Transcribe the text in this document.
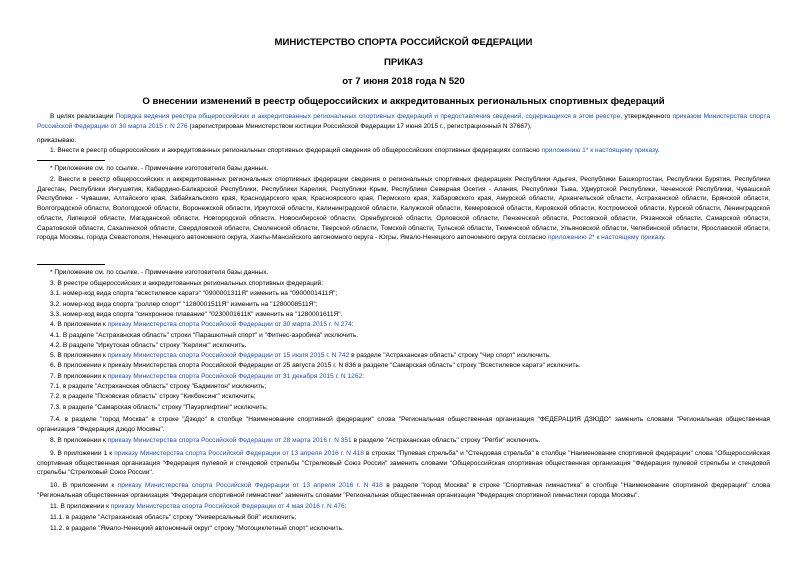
МИНИСТЕРСТВО СПОРТА РОССИЙСКОЙ ФЕДЕРАЦИИ
ПРИКАЗ
от 7 июня 2018 года N 520
О внесении изменений в реестр общероссийских и аккредитованных региональных спортивных федераций
В целях реализации Порядка ведения реестра общероссийских и аккредитованных региональных спортивных федераций и предоставления сведений, содержащихся в этом реестре, утвержденного приказом Министерства спорта Российской Федерации от 30 марта 2015 г. N 276 (зарегистрирован Министерством юстиции Российской Федерации 17 июня 2015 г., регистрационный N 37667),
приказываю:
1. Внести в реестр общероссийских и аккредитованных региональных спортивных федераций сведения об общероссийских спортивных федерациях согласно приложению 1* к настоящему приказу.
* Приложение см. по ссылке. - Примечание изготовителя базы данных.
2. Внести в реестр общероссийских и аккредитованных региональных спортивных федерации сведения о региональных спортивных федерациях Республики Адыгея, Республики Башкортостан, Республики Бурятия, Республики Дагестан, Республики Ингушетия, Кабардино-Балкарской Республики, Республики Карелия, Республики Крым, Республики Северная Осетия - Алания, Республики Тыва, Удмуртской Республики, Чеченской Республики, Чувашской Республики - Чувашии, Алтайского края, Забайкальского края, Краснодарского края, Красноярского края, Пермского края, Хабаровского края, Амурской области, Архангельской области, Астраханской области, Брянской области, Волгоградской области, Вологодской области, Воронежской области, Иркутской области, Калининградской области, Калужской области, Кемеровской области, Кировской области, Костромской области, Курской области, Ленинградской области, Липецкой области, Магаданской области, Новгородской области, Новосибирской области, Оренбургской области, Орловской области, Пензенской области, Ростовской области, Рязанской области, Самарской области, Саратовской области, Сахалинской области, Свердловской области, Смоленской области, Тверской области, Томской области, Тульской области, Тюменской области, Ульяновской области, Челябинской области, Ярославской области, города Москвы, города Севастополя, Ненецкого автономного округа, Ханты-Мансийского автономного округа - Югры, Ямало-Ненецкого автономного округа согласно приложению 2* к настоящему приказу.
* Приложение см. по ссылке. - Примечание изготовителя базы данных.
3. В реестре общероссийских и аккредитованных региональных спортивных федераций:
3.1. номер-код вида спорта "всестилевое каратэ" "0900001311Я" изменить на "0900001411Я";
3.2. номер-код вида спорта "роллер спорт" "1280001511Я" изменить на "1280008511Я";
3.3. номер-код вида спорта "синхронное плавание" "0230001611К" изменить на "1280001611Я".
4. В приложении к приказу Министерства спорта Российской Федерации от 30 марта 2015 г. N 274:
4.1. В разделе "Астраханская область" строки "Парашютный спорт" и "Фитнес-аэробика" исключить.
4.2. В разделе "Иркутская область" строку "Керлинг" исключить.
5. В приложении к приказу Министерства спорта Российской Федерации от 15 июля 2015 г. N 742 в разделе "Астраханская область" строку "Чир спорт" исключить.
6. В приложении к приказу Министерства спорта Российской Федерации от 25 августа 2015 г. N 836 в разделе "Самарская область" строку "Всестилевое каратэ" исключить.
7. В приложении к приказу Министерства спорта Российской Федерации от 31 декабря 2015 г. N 1262:
7.1. в разделе "Астраханская область" строку "Бадминтон" исключить;
7.2. в разделе "Псковская область" строку "Кикбоксинг" исключить;
7.3. в разделе "Самарская область" строку "Пауэрлифтинг" исключить;
7.4. в разделе "город Москва" в строке "Дзюдо" в столбце "Наименование спортивной федерации" слова "Региональная общественная организация "ФЕДЕРАЦИЯ ДЗЮДО" заменить словами "Региональная общественная организация "Федерация дзюдо Москвы".
8. В приложении к приказу Министерства спорта Российской Федерации от 28 марта 2016 г. N 351 в разделе "Астраханская область" строку "Регби" исключить.
9. В приложении 1 к приказу Министерства спорта Российской Федерации от 13 апреля 2016 г. N 418 в строках "Пулевая стрельба" и "Стендовая стрельба" в столбце "Наименование спортивной федерации" слова "Общероссийская спортивная общественная организация "Федерация пулевой и стендовой стрельбы "Стрелковый Союз России" заменить словами "Общероссийская спортивная общественная организация "Федерация пулевой стрельбы и стендовой стрельбы "Стрелковый Союз России".
10. В приложении к приказу Министерства спорта Российской Федерации от 13 апреля 2016 г. N 418 в разделе "город Москва" в строке "Спортивная гимнастика" в столбце "Наименование спортивной федерации" слова "Региональная общественная организация "Федерация спортивной гимнастики" заменить словами "Региональная общественная организация "Федерация спортивной гимнастики города Москвы".
11. В приложении к приказу Министерства спорта Российской Федерации от 4 мая 2016 г. N 476:
11.1. в разделе "Астраханская область" строку "Универсальный бой" исключить;
11.2. в разделе "Ямало-Ненецкий автономный округ" строку "Мотоциклетный спорт" исключить.
